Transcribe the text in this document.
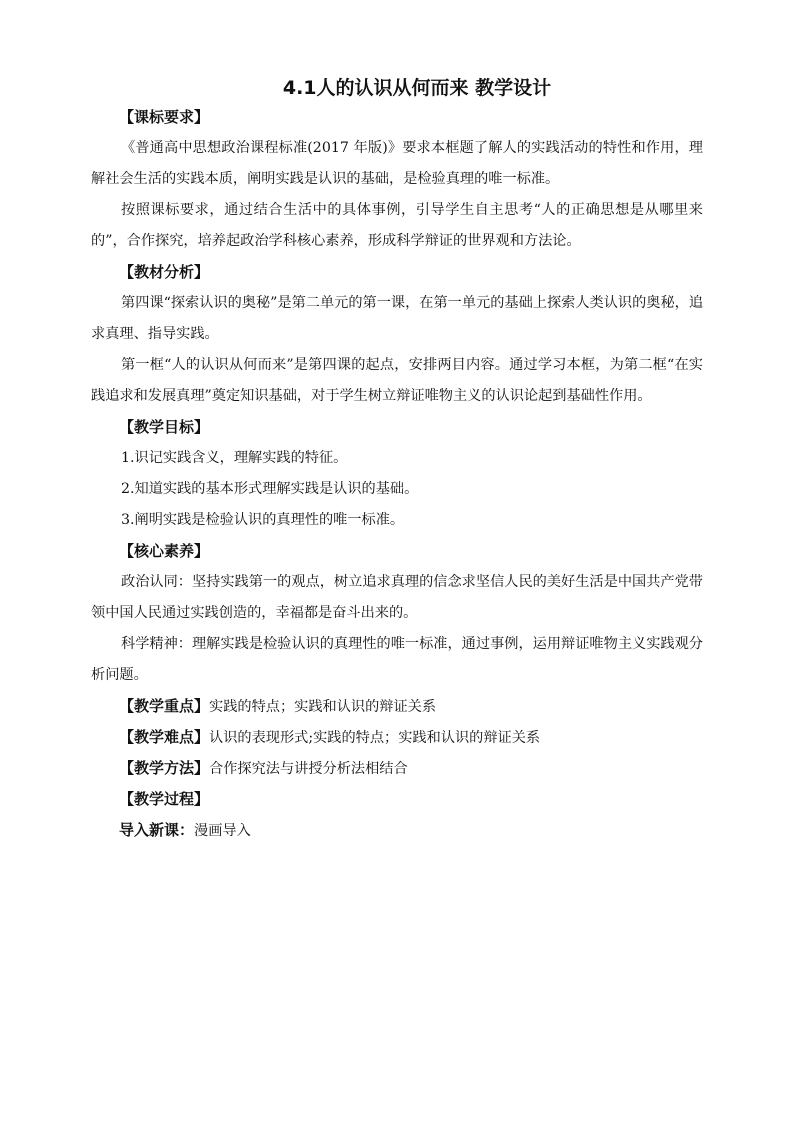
4.1人的认识从何而来 教学设计
【课标要求】

《普通高中思想政治课程标准(2017 年版)》要求本框题了解人的实践活动的特性和作用，理解社会生活的实践本质，阐明实践是认识的基础，是检验真理的唯一标准。

按照课标要求，通过结合生活中的具体事例，引导学生自主思考“人的正确思想是从哪里来的”，合作探究，培养起政治学科核心素养，形成科学辩证的世界观和方法论。

【教材分析】

第四课“探索认识的奥秘”是第二单元的第一课，在第一单元的基础上探索人类认识的奥秘，追求真理、指导实践。

第一框“人的认识从何而来”是第四课的起点，安排两目内容。通过学习本框，为第二框“在实践追求和发展真理”奠定知识基础，对于学生树立辩证唯物主义的认识论起到基础性作用。

【教学目标】
1.识记实践含义，理解实践的特征。
2.知道实践的基本形式理解实践是认识的基础。
3.阐明实践是检验认识的真理性的唯一标准。
【核心素养】

政治认同：坚持实践第一的观点，树立追求真理的信念求坚信人民的美好生活是中国共产党带领中国人民通过实践创造的，幸福都是奋斗出来的。

科学精神：理解实践是检验认识的真理性的唯一标准，通过事例，运用辩证唯物主义实践观分析问题。

【教学重点】实践的特点；实践和认识的辩证关系
【教学难点】认识的表现形式;实践的特点；实践和认识的辩证关系
【教学方法】合作探究法与讲授分析法相结合
【教学过程】
导入新课：漫画导入
